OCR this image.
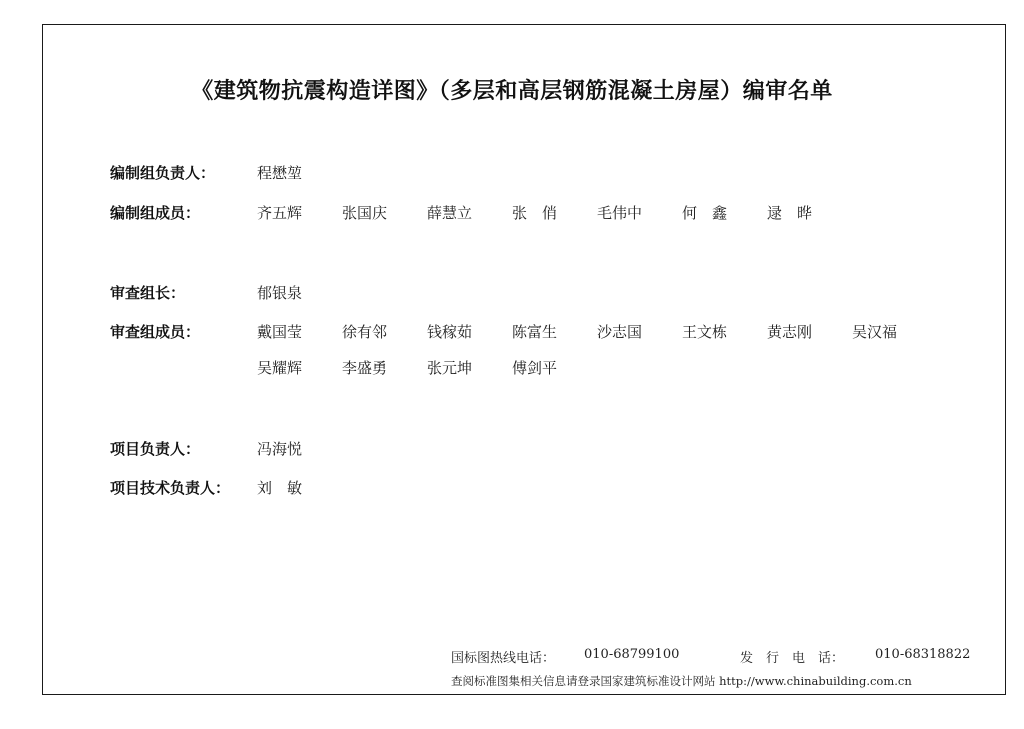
《建筑物抗震构造详图》（多层和高层钢筋混凝土房屋）编审名单
编制组负责人：	程懋堃
编制组成员：	齐五辉	张国庆	薛慧立	张　俏	毛伟中	何　鑫	逯　晔
审查组长：	郁银泉
审查组成员：	戴国莹	徐有邻	钱稼茹	陈富生	沙志国	王文栋	黄志刚	吴汉福
吴耀辉	李盛勇	张元坤	傅剑平
项目负责人：	冯海悦
项目技术负责人： 刘　敏
国标图热线电话： 010-68799100	发　行　电　话： 010-68318822
查阅标准图集相关信息请登录国家建筑标准设计网站 http://www.chinabuilding.com.cn
